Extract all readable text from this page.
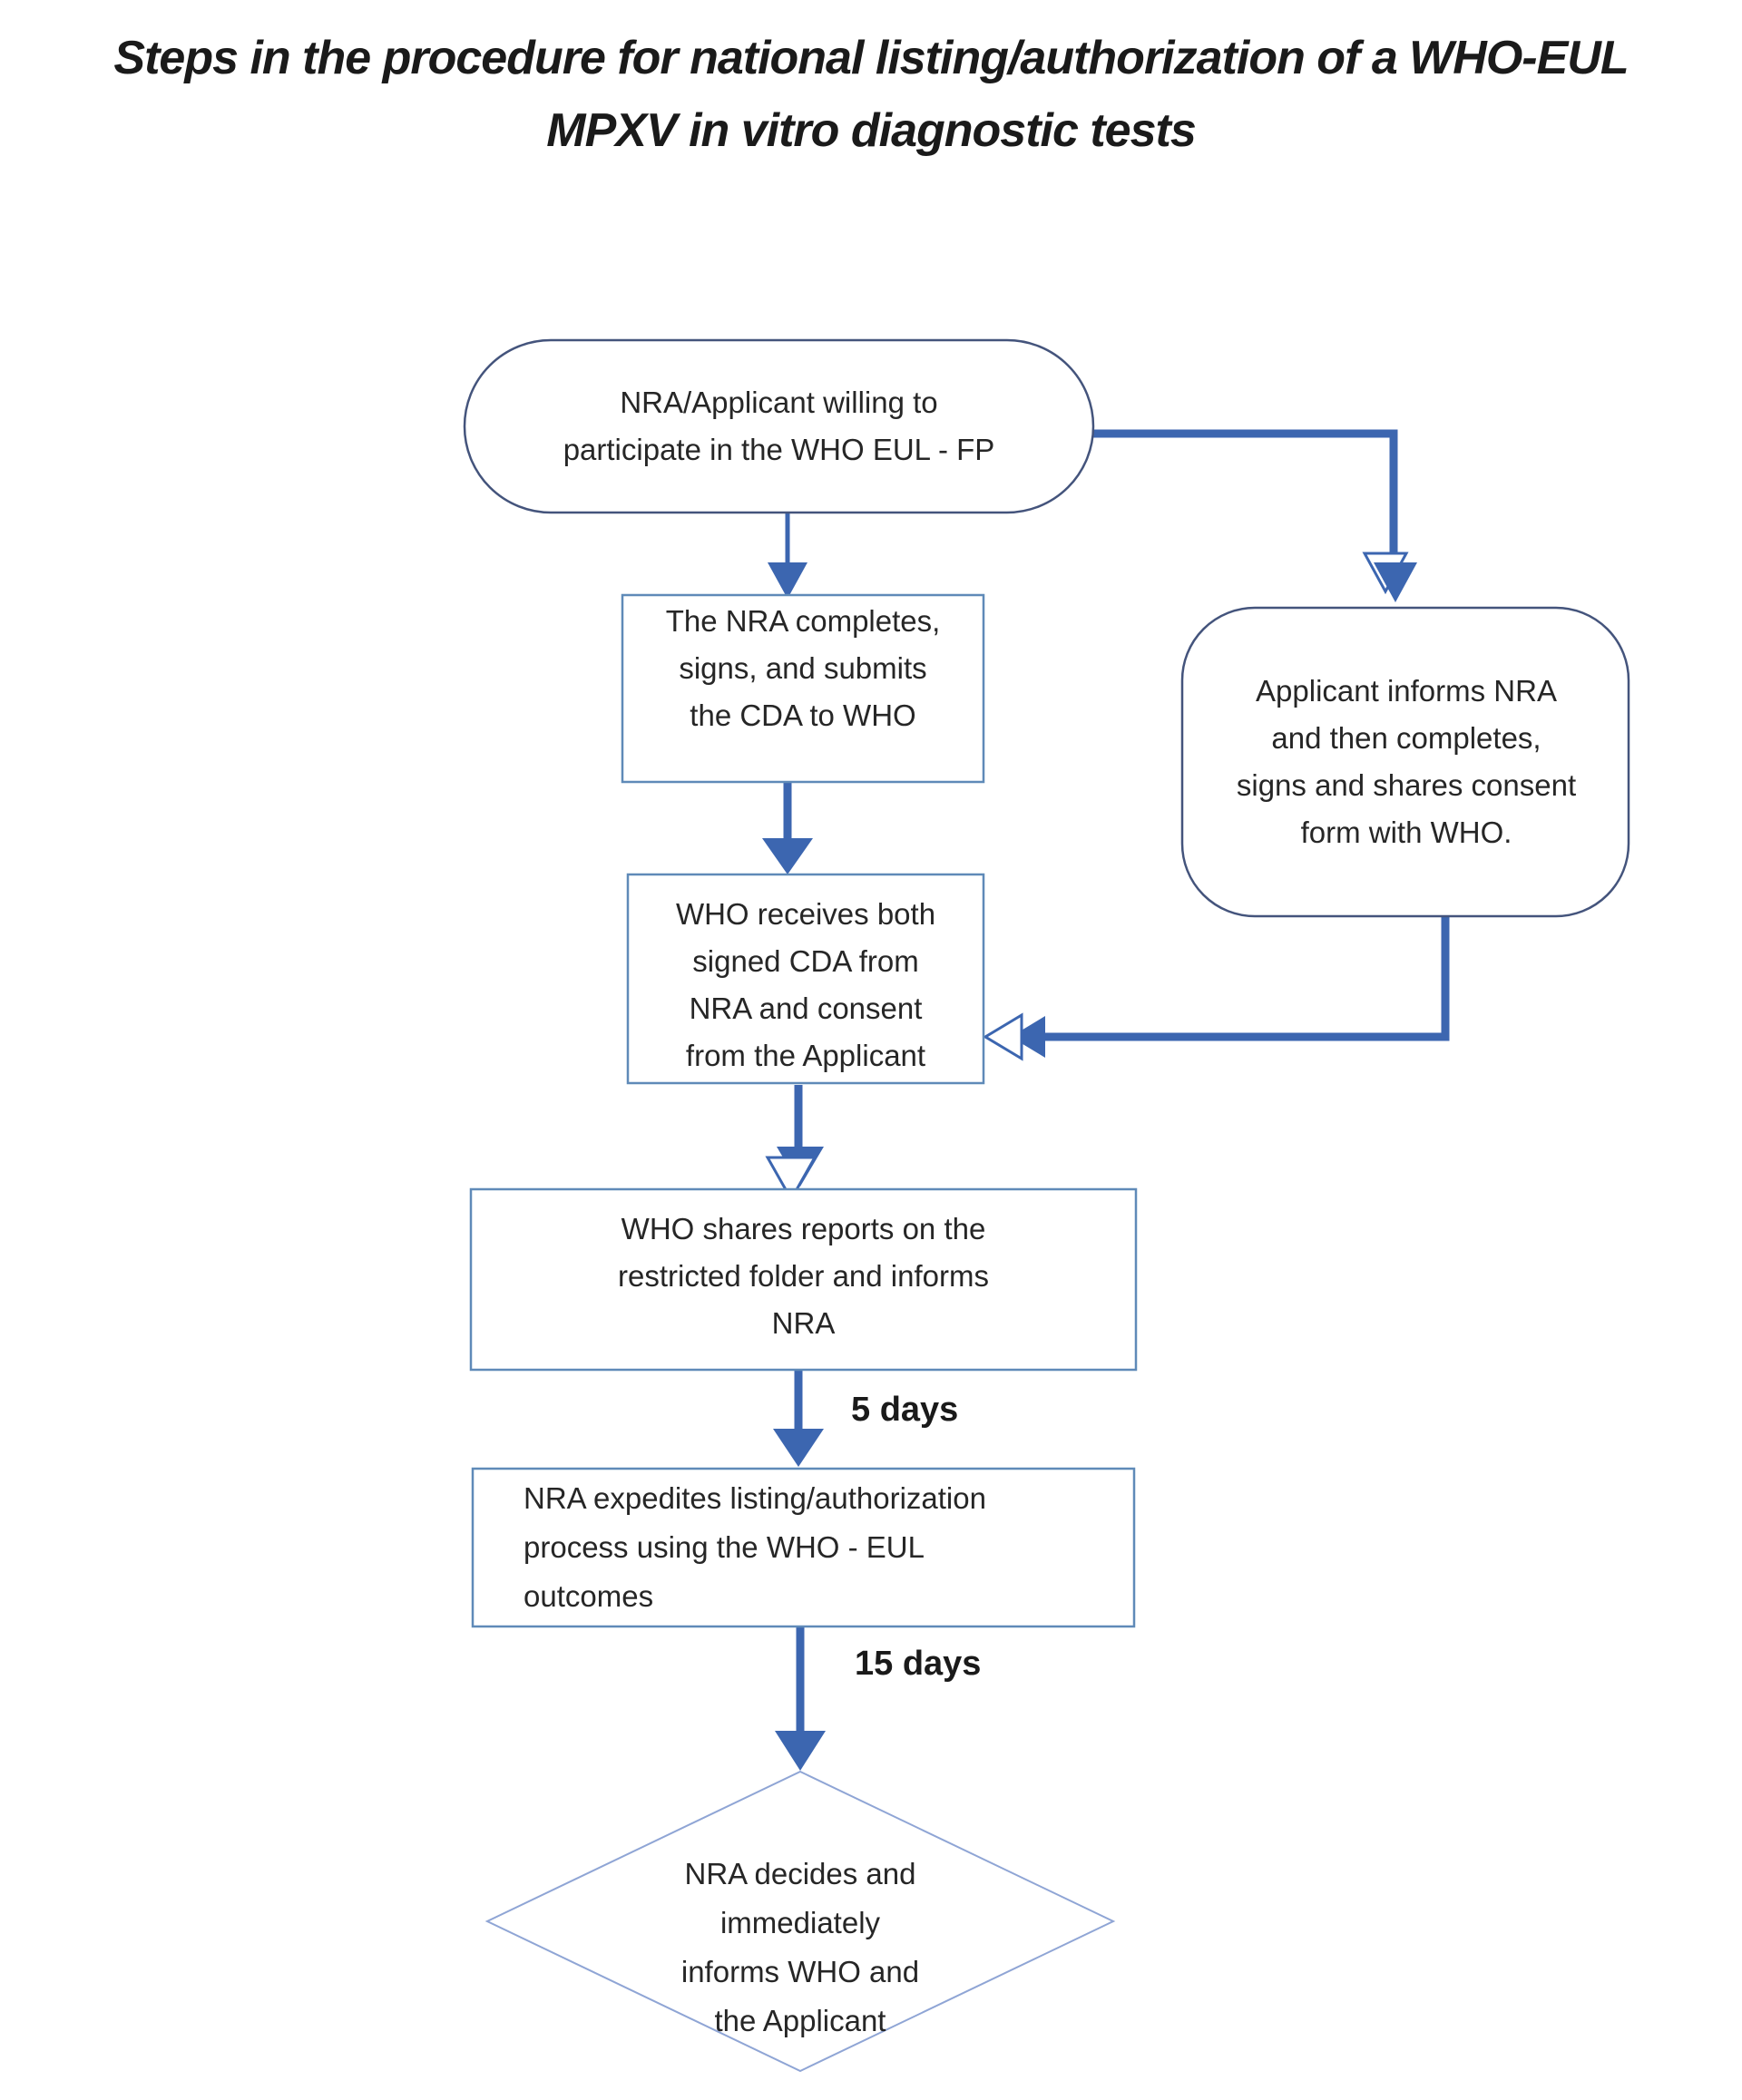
Steps in the procedure for national listing/authorization of a WHO-EUL
MPXV in vitro diagnostic tests
NRA/Applicant willing to
participate in the WHO EUL - FP
The NRA completes,
signs, and submits
the CDA to WHO
Applicant informs NRA
and then completes,
signs and shares consent
form with WHO.
WHO receives both
signed CDA from
NRA and consent
from the Applicant
WHO shares reports on the
restricted folder and informs
NRA
NRA expedites listing/authorization
process using the WHO - EUL
outcomes
NRA decides and
immediately
informs WHO and
the Applicant
5 days
15 days
